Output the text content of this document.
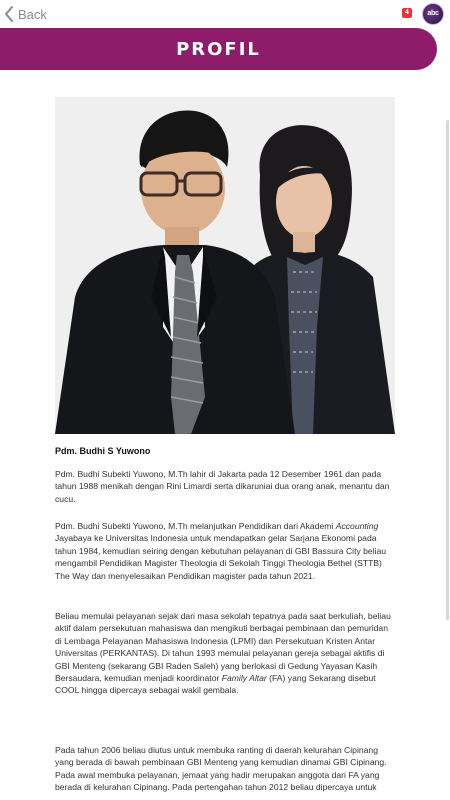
Back	4	abc
PROFIL
Pdm. Budhi S Yuwono

Pdm. Budhi Subekti Yuwono, M.Th lahir di Jakarta pada 12 Desember 1961 dan pada tahun 1988 menikah dengan Rini Limardi serta dikaruniai dua orang anak, menantu dan cucu.

Pdm. Budhi Subekti Yuwono, M.Th melanjutkan Pendidikan dari Akademi Accounting Jayabaya ke Universitas Indonesia untuk mendapatkan gelar Sarjana Ekonomi pada tahun 1984, kemudian seiring dengan kebutuhan pelayanan di GBI Bassura City beliau mengambil Pendidikan Magister Theologia di Sekolah Tinggi Theologia Bethel (STTB) The Way dan menyelesaikan Pendidikan magister pada tahun 2021.

Beliau memulai pelayanan sejak dari masa sekolah tepatnya pada saat berkuliah, beliau aktif dalam persekutuan mahasiswa dan mengikuti berbagai pembinaan dan pemuridan di Lembaga Pelayanan Mahasiswa Indonesia (LPMI) dan Persekutuan Kristen Antar Universitas (PERKANTAS). Di tahun 1993 memulai pelayanan gereja sebagai aktifis di GBI Menteng (sekarang GBI Raden Saleh) yang berlokasi di Gedung Yayasan Kasih Bersaudara, kemudian menjadi koordinator Family Altar (FA) yang Sekarang disebut COOL hingga dipercaya sebagai wakil gembala.

Pada tahun 2006 beliau diutus untuk membuka ranting di daerah kelurahan Cipinang yang berada di bawah pembinaan GBI Menteng yang kemudian dinamai GBI Cipinang. Pada awal membuka pelayanan, jemaat yang hadir merupakan anggota dari FA yang berada di kelurahan Cipinang. Pada pertengahan tahun 2012 beliau dipercaya untuk
